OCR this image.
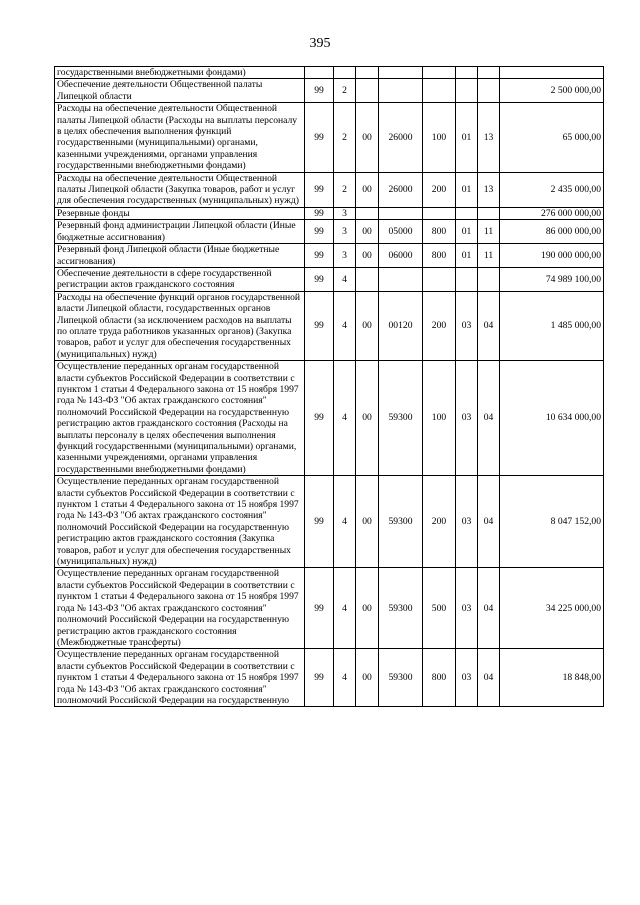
395
государственными внебюджетными фондами)								
Обеспечение деятельности Общественной палаты Липецкой области	99	2						2 500 000,00
Расходы на обеспечение деятельности Общественной палаты Липецкой области (Расходы на выплаты персоналу в целях обеспечения выполнения функций государственными (муниципальными) органами, казенными учреждениями, органами управления государственными внебюджетными фондами)	99	2	00	26000	100	01	13	65 000,00
Расходы на обеспечение деятельности Общественной палаты Липецкой области (Закупка товаров, работ и услуг для обеспечения государственных (муниципальных) нужд)	99	2	00	26000	200	01	13	2 435 000,00
Резервные фонды	99	3						276 000 000,00
Резервный фонд администрации Липецкой области (Иные бюджетные ассигнования)	99	3	00	05000	800	01	11	86 000 000,00
Резервный фонд Липецкой области (Иные бюджетные ассигнования)	99	3	00	06000	800	01	11	190 000 000,00
Обеспечение деятельности в сфере государственной регистрации актов гражданского состояния	99	4						74 989 100,00
Расходы на обеспечение функций органов государственной власти Липецкой области, государственных органов Липецкой области (за исключением расходов на выплаты по оплате труда работников указанных органов) (Закупка товаров, работ и услуг для обеспечения государственных (муниципальных) нужд)	99	4	00	00120	200	03	04	1 485 000,00
Осуществление переданных органам государственной власти субъектов Российской Федерации в соответствии с пунктом 1 статьи 4 Федерального закона от 15 ноября 1997 года № 143-ФЗ "Об актах гражданского состояния" полномочий Российской Федерации на государственную регистрацию актов гражданского состояния (Расходы на выплаты персоналу в целях обеспечения выполнения функций государственными (муниципальными) органами, казенными учреждениями, органами управления государственными внебюджетными фондами)	99	4	00	59300	100	03	04	10 634 000,00
Осуществление переданных органам государственной власти субъектов Российской Федерации в соответствии с пунктом 1 статьи 4 Федерального закона от 15 ноября 1997 года № 143-ФЗ "Об актах гражданского состояния" полномочий Российской Федерации на государственную регистрацию актов гражданского состояния (Закупка товаров, работ и услуг для обеспечения государственных (муниципальных) нужд)	99	4	00	59300	200	03	04	8 047 152,00
Осуществление переданных органам государственной власти субъектов Российской Федерации в соответствии с пунктом 1 статьи 4 Федерального закона от 15 ноября 1997 года № 143-ФЗ "Об актах гражданского состояния" полномочий Российской Федерации на государственную регистрацию актов гражданского состояния (Межбюджетные трансферты)	99	4	00	59300	500	03	04	34 225 000,00
Осуществление переданных органам государственной власти субъектов Российской Федерации в соответствии с пунктом 1 статьи 4 Федерального закона от 15 ноября 1997 года № 143-ФЗ "Об актах гражданского состояния" полномочий Российской Федерации на государственную	99	4	00	59300	800	03	04	18 848,00
